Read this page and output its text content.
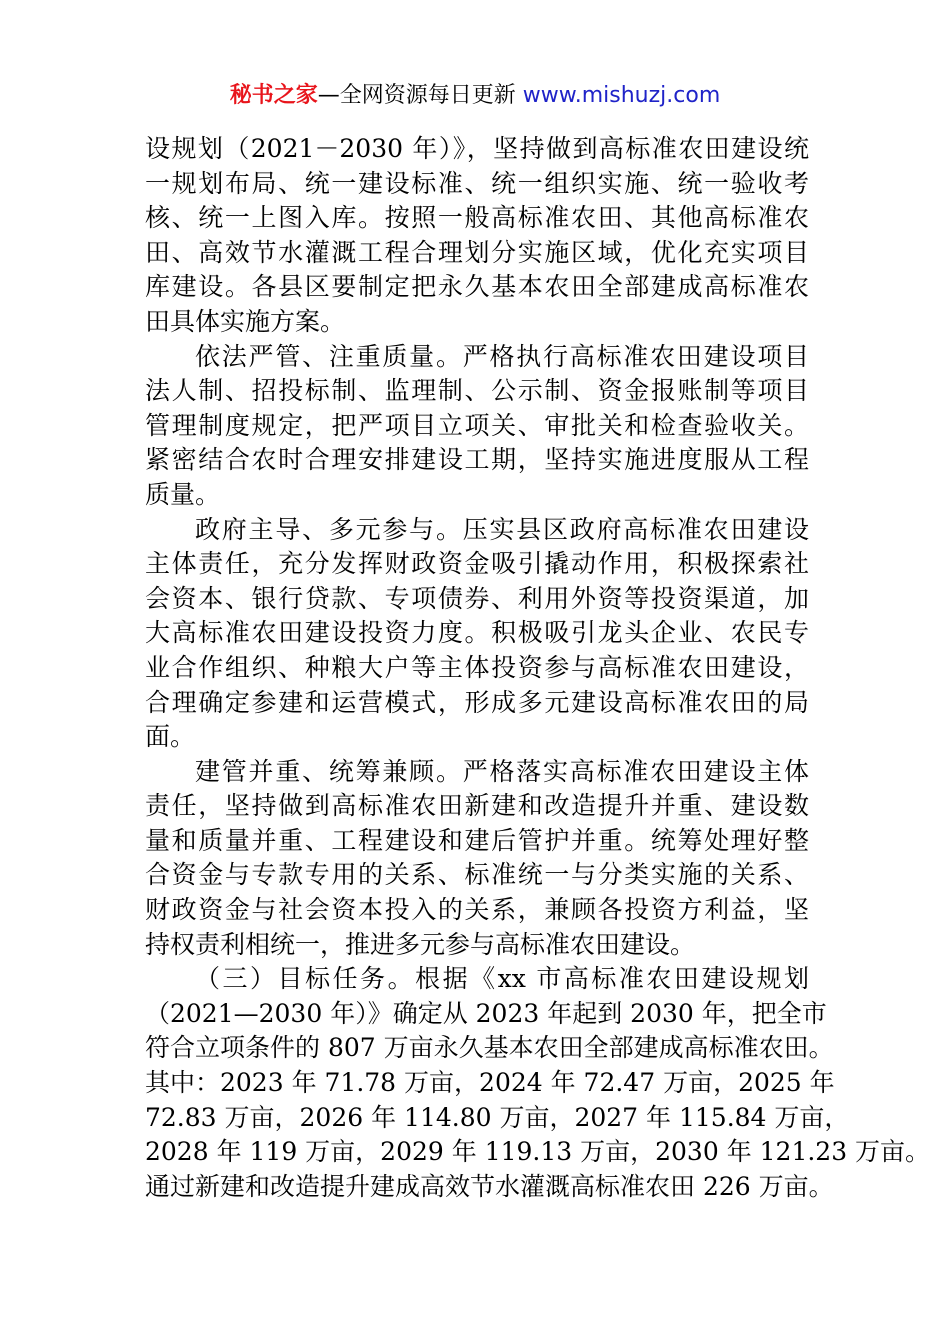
秘书之家—全网资源每日更新 www.mishuzj.com
设规划（2021－2030 年）》，坚持做到高标准农田建设统
一规划布局、统一建设标准、统一组织实施、统一验收考
核、统一上图入库。按照一般高标准农田、其他高标准农
田、高效节水灌溉工程合理划分实施区域，优化充实项目
库建设。各县区要制定把永久基本农田全部建成高标准农
田具体实施方案。
依法严管、注重质量。严格执行高标准农田建设项目
法人制、招投标制、监理制、公示制、资金报账制等项目
管理制度规定，把严项目立项关、审批关和检查验收关。
紧密结合农时合理安排建设工期，坚持实施进度服从工程
质量。
政府主导、多元参与。压实县区政府高标准农田建设
主体责任，充分发挥财政资金吸引撬动作用，积极探索社
会资本、银行贷款、专项债券、利用外资等投资渠道，加
大高标准农田建设投资力度。积极吸引龙头企业、农民专
业合作组织、种粮大户等主体投资参与高标准农田建设，
合理确定参建和运营模式，形成多元建设高标准农田的局
面。
建管并重、统筹兼顾。严格落实高标准农田建设主体
责任，坚持做到高标准农田新建和改造提升并重、建设数
量和质量并重、工程建设和建后管护并重。统筹处理好整
合资金与专款专用的关系、标准统一与分类实施的关系、
财政资金与社会资本投入的关系，兼顾各投资方利益，坚
持权责利相统一，推进多元参与高标准农田建设。
（三）目标任务。根据《xx 市高标准农田建设规划
（2021—2030 年）》确定从 2023 年起到 2030 年，把全市
符合立项条件的 807 万亩永久基本农田全部建成高标准农田。
其中：2023 年 71.78 万亩，2024 年 72.47 万亩，2025 年
72.83 万亩，2026 年 114.80 万亩，2027 年 115.84 万亩，
2028 年 119 万亩，2029 年 119.13 万亩，2030 年 121.23 万亩。
通过新建和改造提升建成高效节水灌溉高标准农田 226 万亩。
